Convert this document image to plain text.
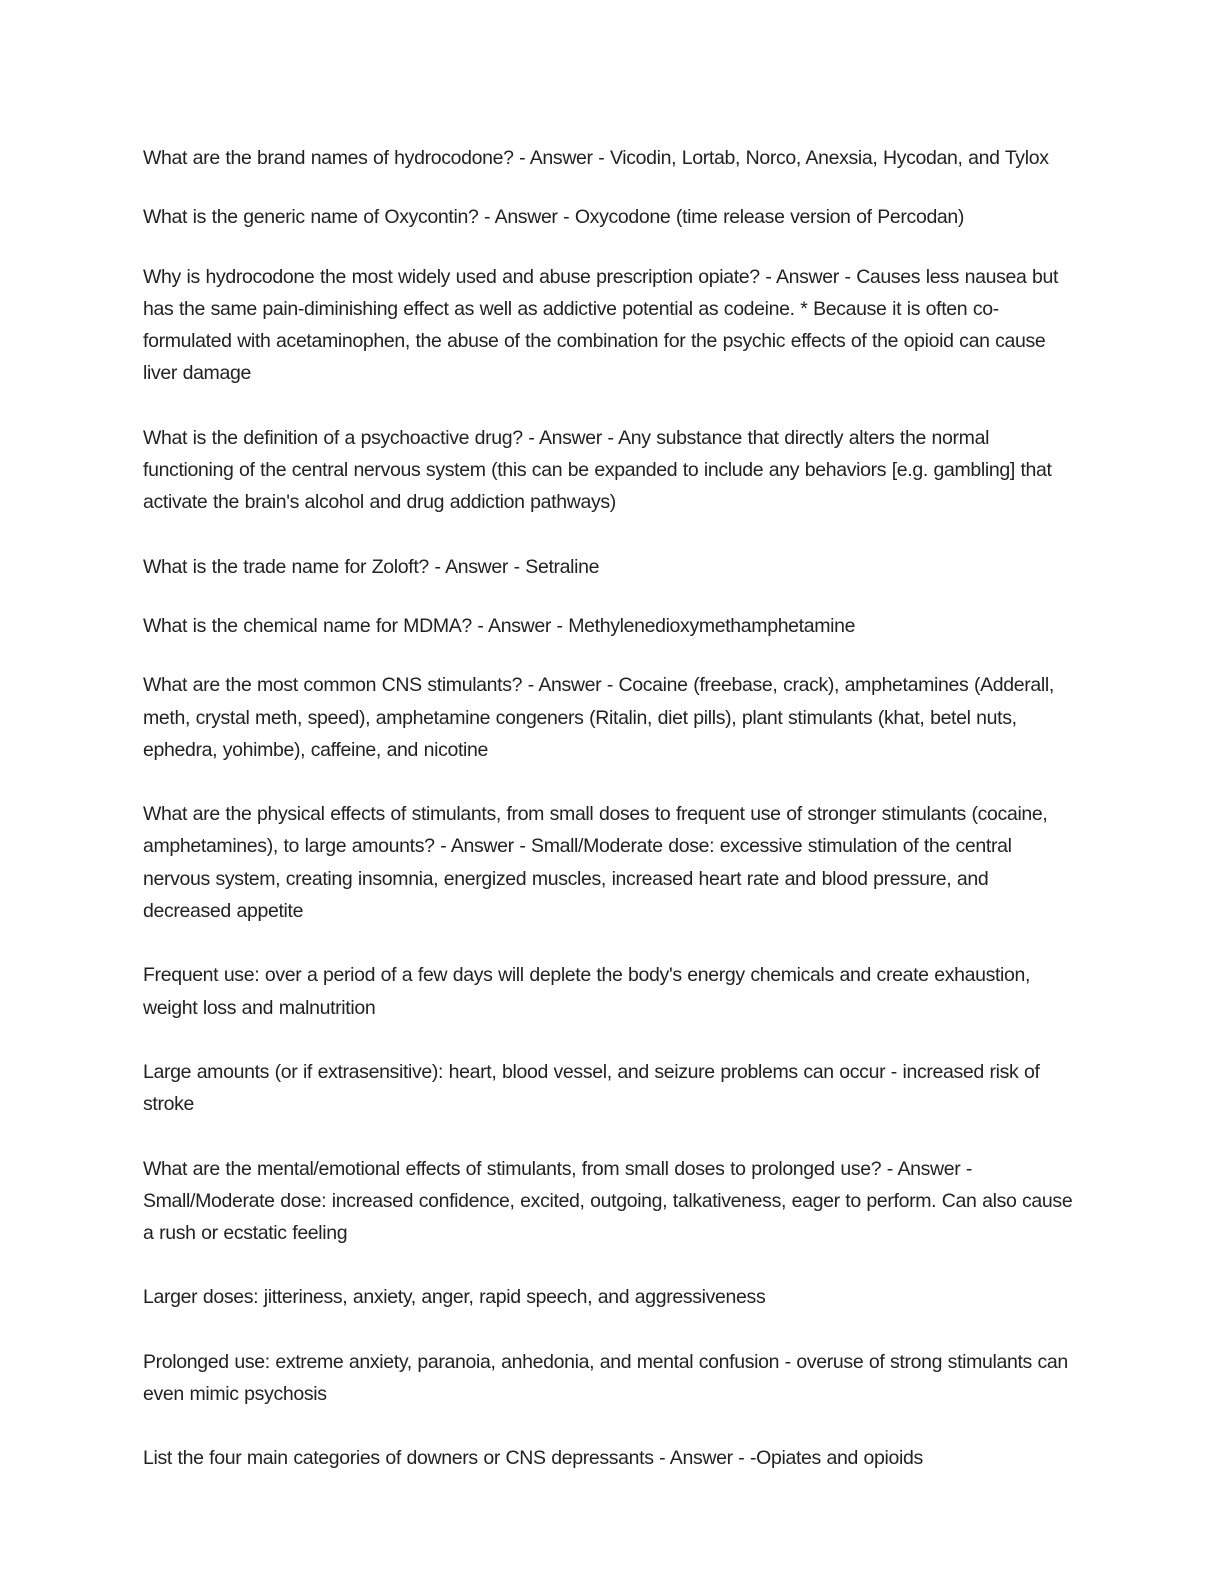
What are the brand names of hydrocodone? - Answer - Vicodin, Lortab, Norco, Anexsia, Hycodan, and Tylox

What is the generic name of Oxycontin? - Answer - Oxycodone (time release version of Percodan)

Why is hydrocodone the most widely used and abuse prescription opiate? - Answer - Causes less nausea but has the same pain-diminishing effect as well as addictive potential as codeine. * Because it is often co-formulated with acetaminophen, the abuse of the combination for the psychic effects of the opioid can cause liver damage

What is the definition of a psychoactive drug? - Answer - Any substance that directly alters the normal functioning of the central nervous system (this can be expanded to include any behaviors [e.g. gambling] that activate the brain's alcohol and drug addiction pathways)

What is the trade name for Zoloft? - Answer - Setraline

What is the chemical name for MDMA? - Answer - Methylenedioxymethamphetamine

What are the most common CNS stimulants? - Answer - Cocaine (freebase, crack), amphetamines (Adderall, meth, crystal meth, speed), amphetamine congeners (Ritalin, diet pills), plant stimulants (khat, betel nuts, ephedra, yohimbe), caffeine, and nicotine

What are the physical effects of stimulants, from small doses to frequent use of stronger stimulants (cocaine, amphetamines), to large amounts? - Answer - Small/Moderate dose: excessive stimulation of the central nervous system, creating insomnia, energized muscles, increased heart rate and blood pressure, and decreased appetite

Frequent use: over a period of a few days will deplete the body's energy chemicals and create exhaustion, weight loss and malnutrition

Large amounts (or if extrasensitive): heart, blood vessel, and seizure problems can occur - increased risk of stroke

What are the mental/emotional effects of stimulants, from small doses to prolonged use? - Answer - Small/Moderate dose: increased confidence, excited, outgoing, talkativeness, eager to perform. Can also cause a rush or ecstatic feeling

Larger doses: jitteriness, anxiety, anger, rapid speech, and aggressiveness

Prolonged use: extreme anxiety, paranoia, anhedonia, and mental confusion - overuse of strong stimulants can even mimic psychosis

List the four main categories of downers or CNS depressants - Answer - -Opiates and opioids
